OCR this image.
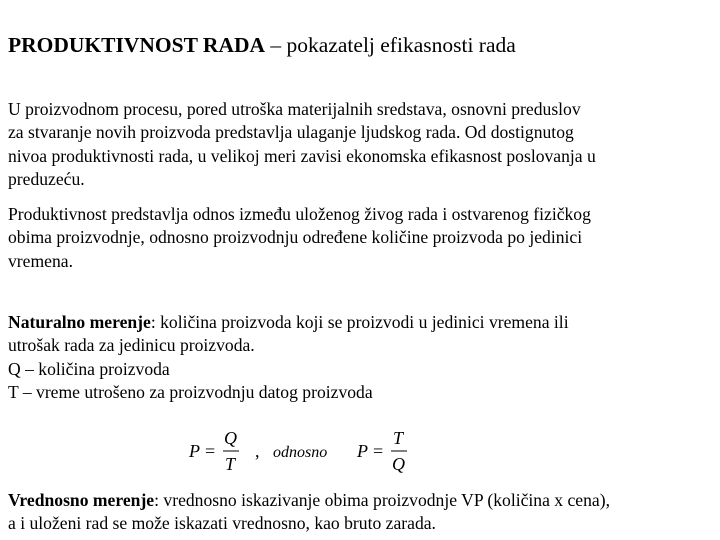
PRODUKTIVNOST RADA – pokazatelj efikasnosti rada
U proizvodnom procesu, pored utroška materijalnih sredstava, osnovni preduslov
za stvaranje novih proizvoda predstavlja ulaganje ljudskog rada. Od dostignutog
nivoa produktivnosti rada, u velikoj meri zavisi ekonomska efikasnost poslovanja u
preduzeću.
Produktivnost predstavlja odnos između uloženog živog rada i ostvarenog fizičkog
obima proizvodnje, odnosno proizvodnju određene količine proizvoda po jedinici
vremena.
Naturalno merenje: količina proizvoda koji se proizvodi u jedinici vremena ili
utrošak rada za jedinicu proizvoda.
Q – količina proizvoda
T – vreme utrošeno za proizvodnju datog proizvoda
P =
Q
T
, odnosno P =
T
Q
Vrednosno merenje: vrednosno iskazivanje obima proizvodnje VP (količina x cena),
a i uloženi rad se može iskazati vrednosno, kao bruto zarada.
